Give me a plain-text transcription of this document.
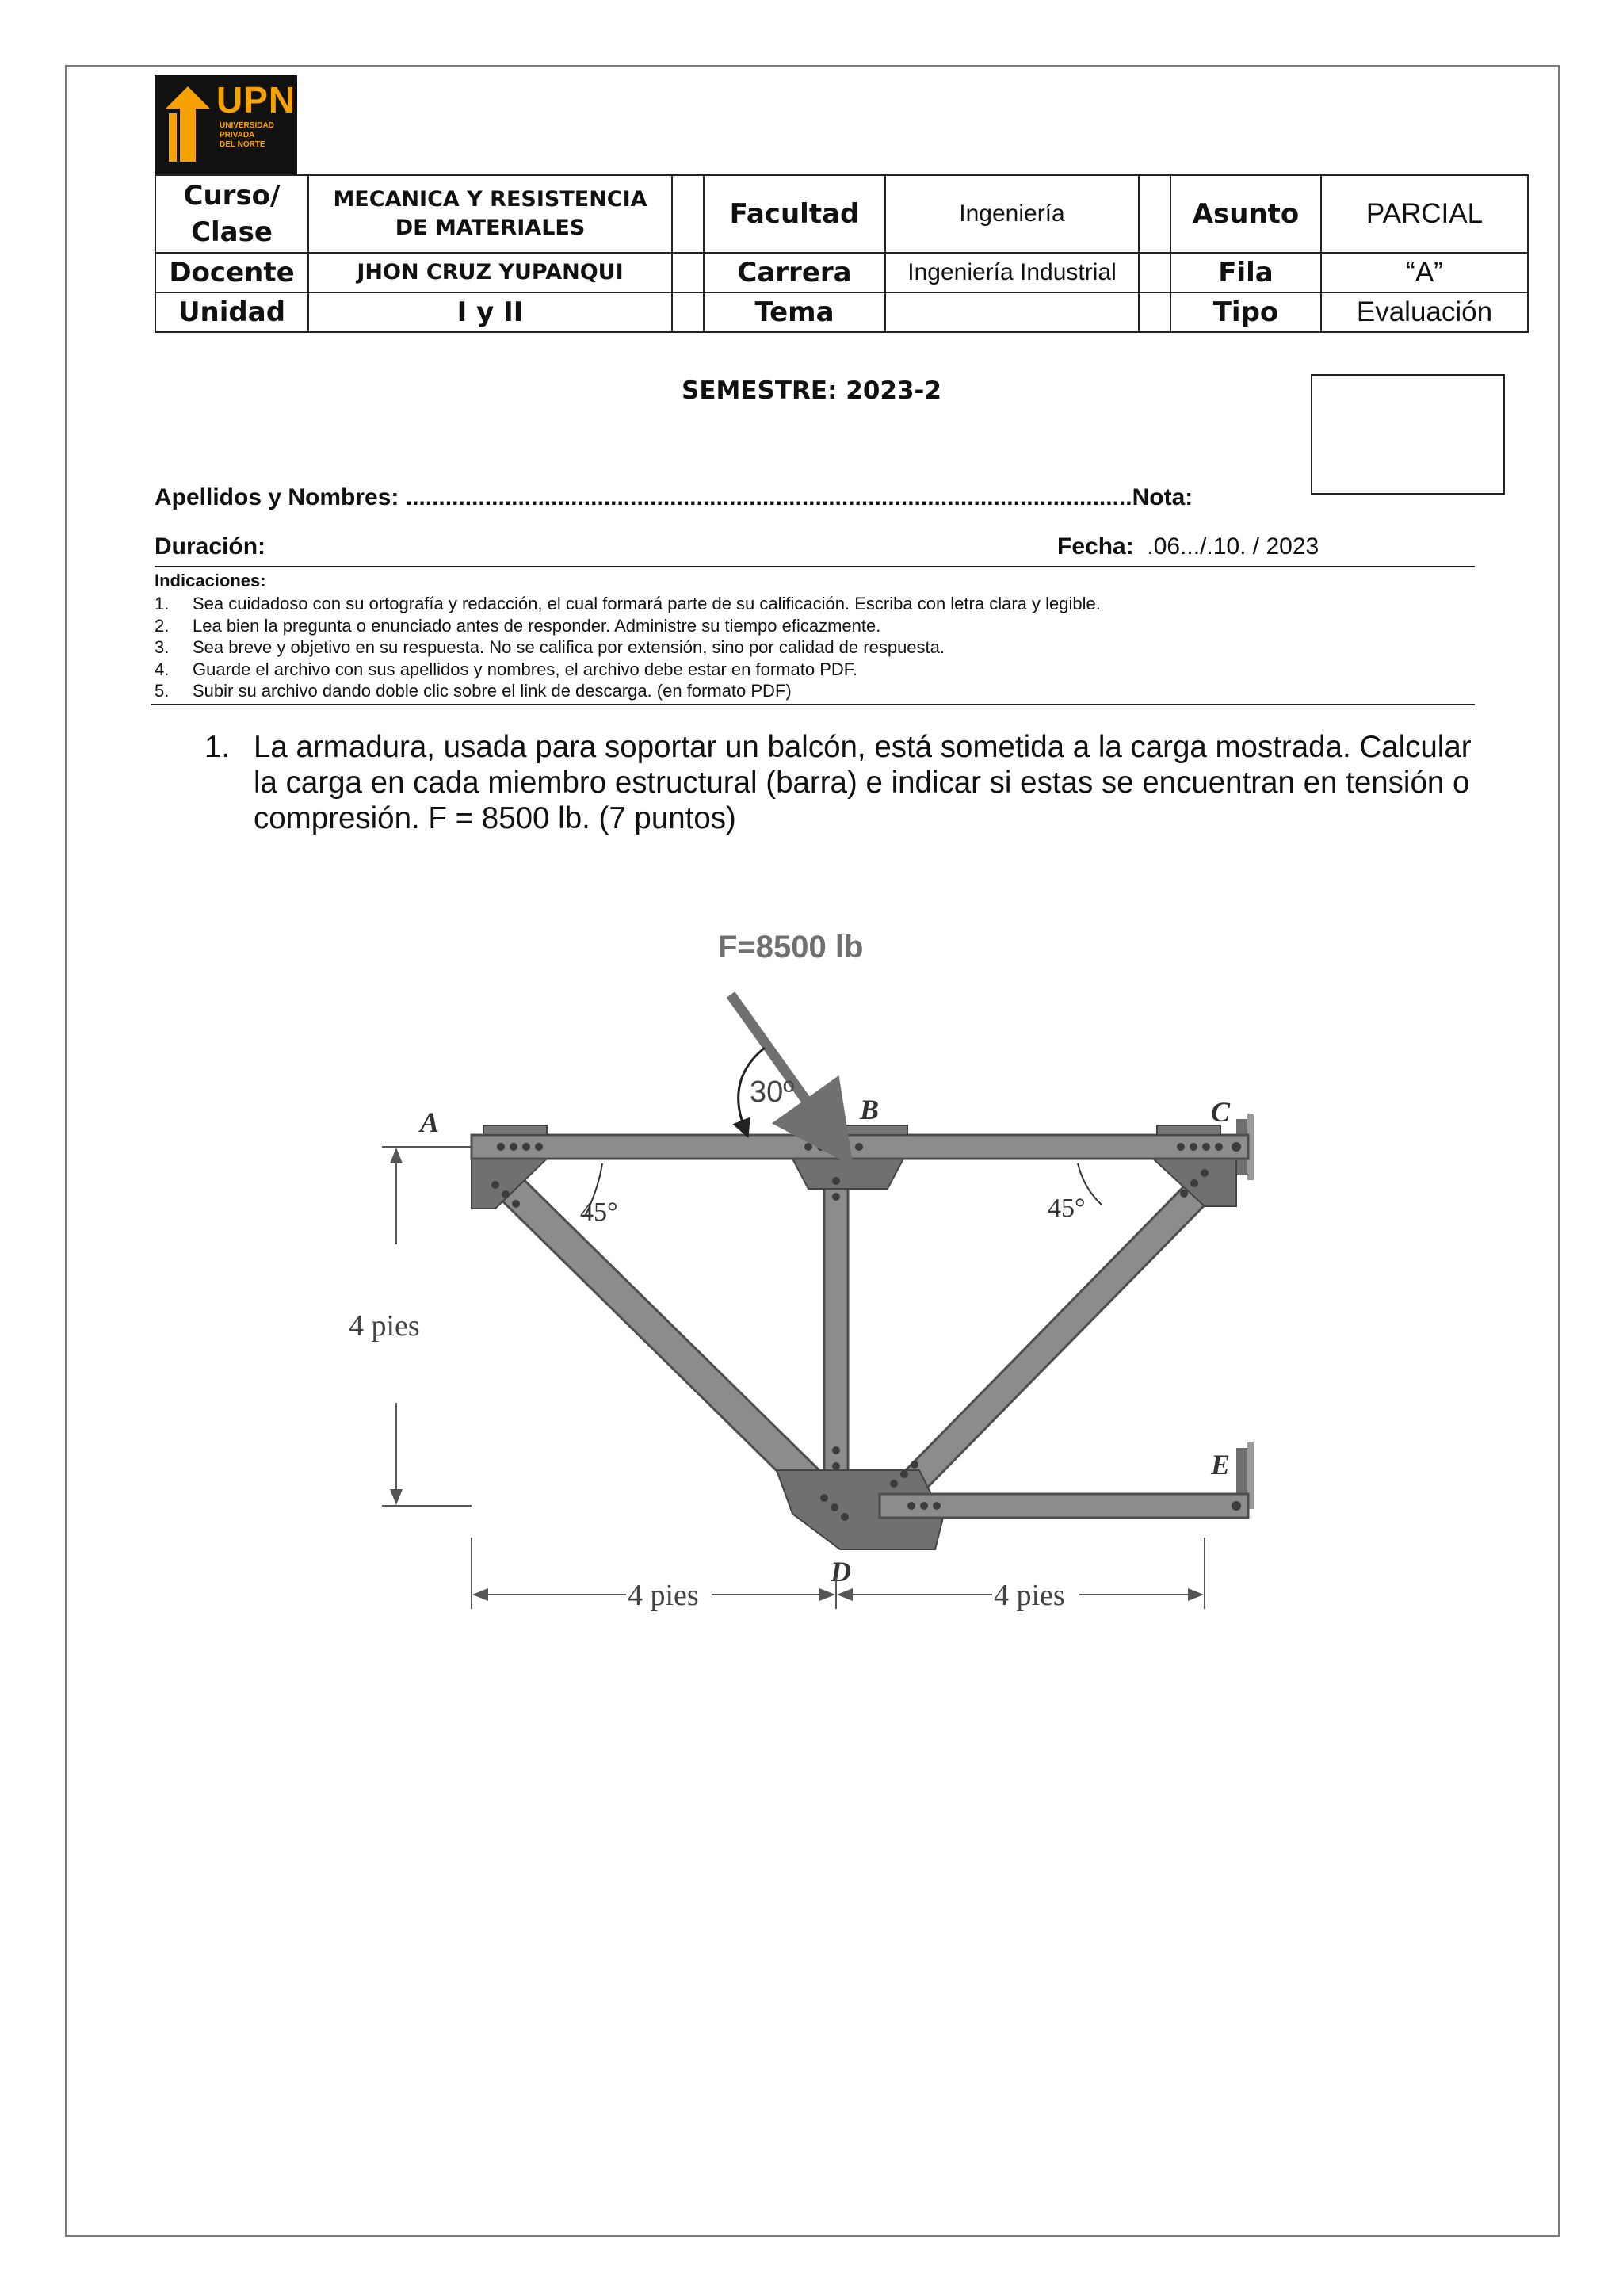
UPN
UNIVERSIDAD
PRIVADA
DEL NORTE
Curso/ Clase	MECANICA Y RESISTENCIA DE MATERIALES		Facultad	Ingeniería		Asunto	PARCIAL
Docente	JHON CRUZ YUPANQUI		Carrera	Ingeniería Industrial		Fila	“A”
Unidad	I y II		Tema			Tipo	Evaluación
SEMESTRE: 2023-2
Apellidos y Nombres: ..............................................................................................................Nota:
Duración:	Fecha: .06.../.10. / 2023
Indicaciones:
1. Sea cuidadoso con su ortografía y redacción, el cual formará parte de su calificación. Escriba con letra clara y legible.
2. Lea bien la pregunta o enunciado antes de responder. Administre su tiempo eficazmente.
3. Sea breve y objetivo en su respuesta. No se califica por extensión, sino por calidad de respuesta.
4. Guarde el archivo con sus apellidos y nombres, el archivo debe estar en formato PDF.
5. Subir su archivo dando doble clic sobre el link de descarga. (en formato PDF)
1. La armadura, usada para soportar un balcón, está sometida a la carga mostrada. Calcular la carga en cada miembro estructural (barra) e indicar si estas se encuentran en tensión o compresión. F = 8500 lb. (7 puntos)
F=8500 lb
30º
45°	45°
A	B	C
D
E
4 pies
4 pies	4 pies
